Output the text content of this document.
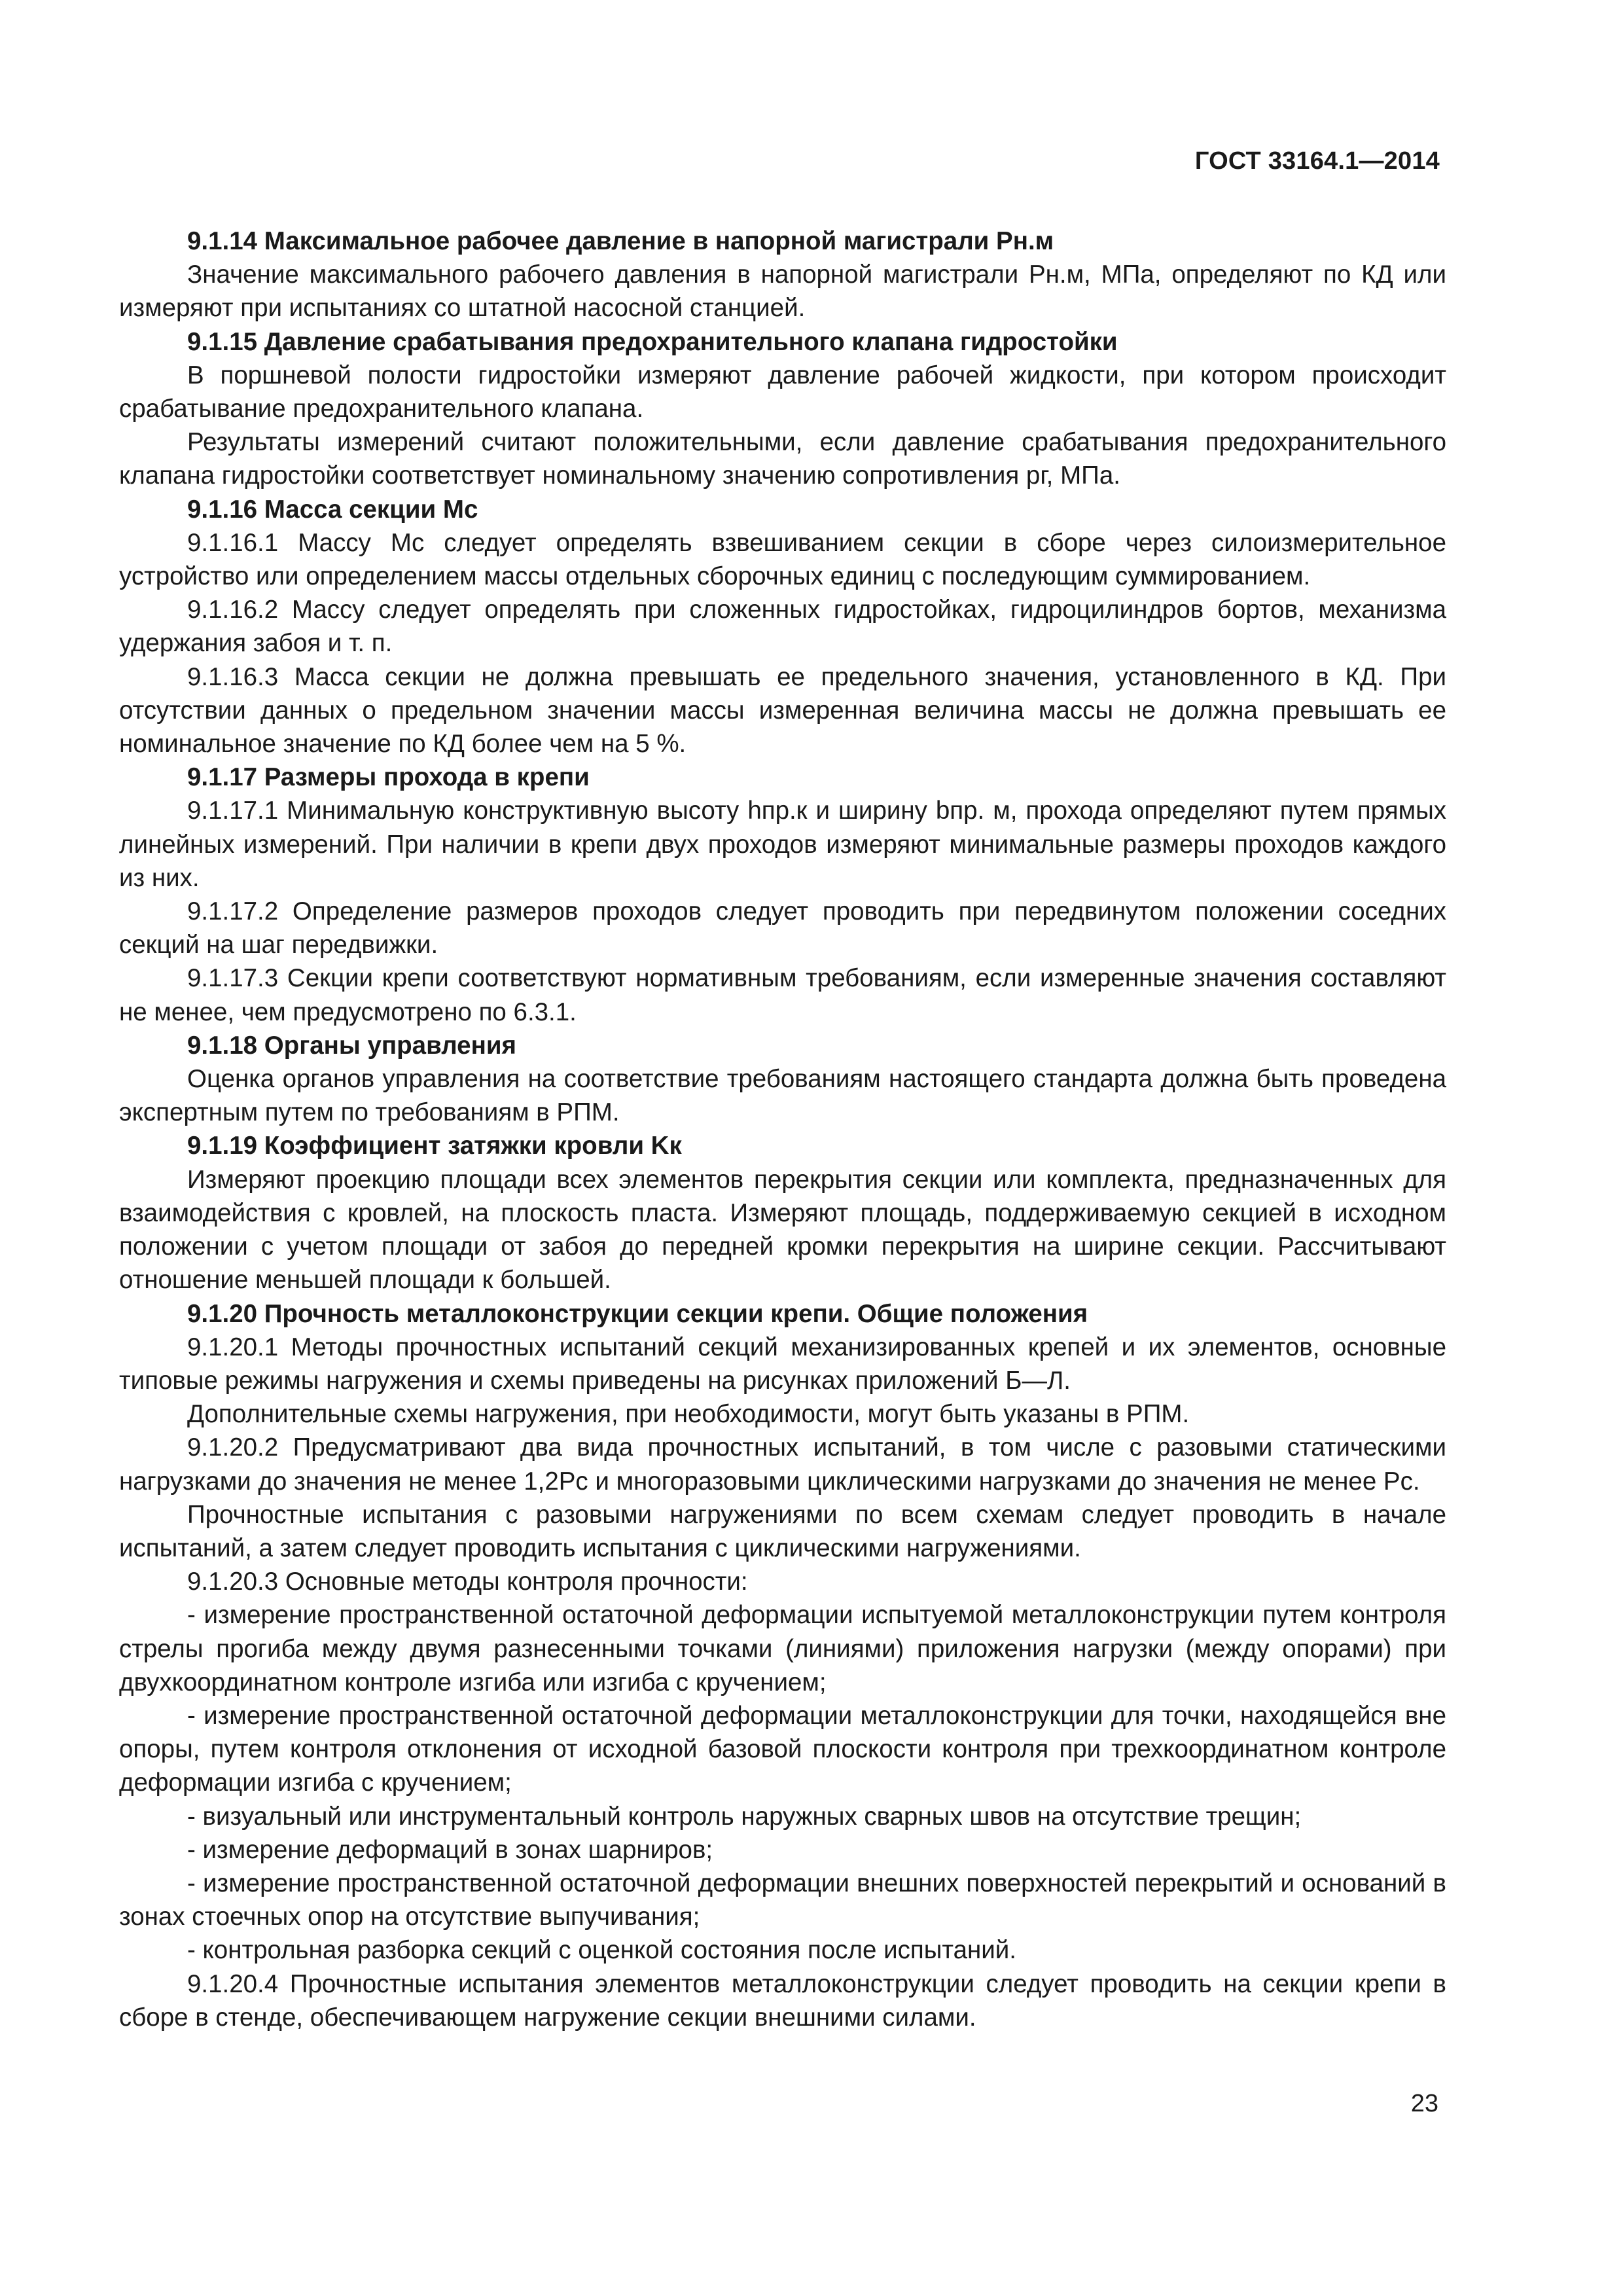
ГОСТ 33164.1—2014

9.1.14 Максимальное рабочее давление в напорной магистрали Pн.м

Значение максимального рабочего давления в напорной магистрали Pн.м, МПа, определяют по КД или измеряют при испытаниях со штатной насосной станцией.

9.1.15 Давление срабатывания предохранительного клапана гидростойки

В поршневой полости гидростойки измеряют давление рабочей жидкости, при котором происходит срабатывание предохранительного клапана.

Результаты измерений считают положительными, если давление срабатывания предохранительного клапана гидростойки соответствует номинальному значению сопротивления pг, МПа.

9.1.16 Масса секции Mс

9.1.16.1 Массу Mс следует определять взвешиванием секции в сборе через силоизмерительное устройство или определением массы отдельных сборочных единиц с последующим суммированием.

9.1.16.2 Массу следует определять при сложенных гидростойках, гидроцилиндров бортов, механизма удержания забоя и т. п.

9.1.16.3 Масса секции не должна превышать ее предельного значения, установленного в КД. При отсутствии данных о предельном значении массы измеренная величина массы не должна превышать ее номинальное значение по КД более чем на 5 %.

9.1.17 Размеры прохода в крепи

9.1.17.1 Минимальную конструктивную высоту hпр.к и ширину bпр. м, прохода определяют путем прямых линейных измерений. При наличии в крепи двух проходов измеряют минимальные размеры проходов каждого из них.

9.1.17.2 Определение размеров проходов следует проводить при передвинутом положении соседних секций на шаг передвижки.

9.1.17.3 Секции крепи соответствуют нормативным требованиям, если измеренные значения составляют не менее, чем предусмотрено по 6.3.1.

9.1.18 Органы управления

Оценка органов управления на соответствие требованиям настоящего стандарта должна быть проведена экспертным путем по требованиям в РПМ.

9.1.19 Коэффициент затяжки кровли Kк

Измеряют проекцию площади всех элементов перекрытия секции или комплекта, предназначенных для взаимодействия с кровлей, на плоскость пласта. Измеряют площадь, поддерживаемую секцией в исходном положении с учетом площади от забоя до передней кромки перекрытия на ширине секции. Рассчитывают отношение меньшей площади к большей.

9.1.20 Прочность металлоконструкции секции крепи. Общие положения

9.1.20.1 Методы прочностных испытаний секций механизированных крепей и их элементов, основные типовые режимы нагружения и схемы приведены на рисунках приложений Б—Л.

Дополнительные схемы нагружения, при необходимости, могут быть указаны в РПМ.

9.1.20.2 Предусматривают два вида прочностных испытаний, в том числе с разовыми статическими нагрузками до значения не менее 1,2Pс и многоразовыми циклическими нагрузками до значения не менее Pс.

Прочностные испытания с разовыми нагружениями по всем схемам следует проводить в начале испытаний, а затем следует проводить испытания с циклическими нагружениями.

9.1.20.3 Основные методы контроля прочности:

- измерение пространственной остаточной деформации испытуемой металлоконструкции путем контроля стрелы прогиба между двумя разнесенными точками (линиями) приложения нагрузки (между опорами) при двухкоординатном контроле изгиба или изгиба с кручением;

- измерение пространственной остаточной деформации металлоконструкции для точки, находящейся вне опоры, путем контроля отклонения от исходной базовой плоскости контроля при трехкоординатном контроле деформации изгиба с кручением;

- визуальный или инструментальный контроль наружных сварных швов на отсутствие трещин;

- измерение деформаций в зонах шарниров;

- измерение пространственной остаточной деформации внешних поверхностей перекрытий и оснований в зонах стоечных опор на отсутствие выпучивания;

- контрольная разборка секций с оценкой состояния после испытаний.

9.1.20.4 Прочностные испытания элементов металлоконструкции следует проводить на секции крепи в сборе в стенде, обеспечивающем нагружение секции внешними силами.

23
